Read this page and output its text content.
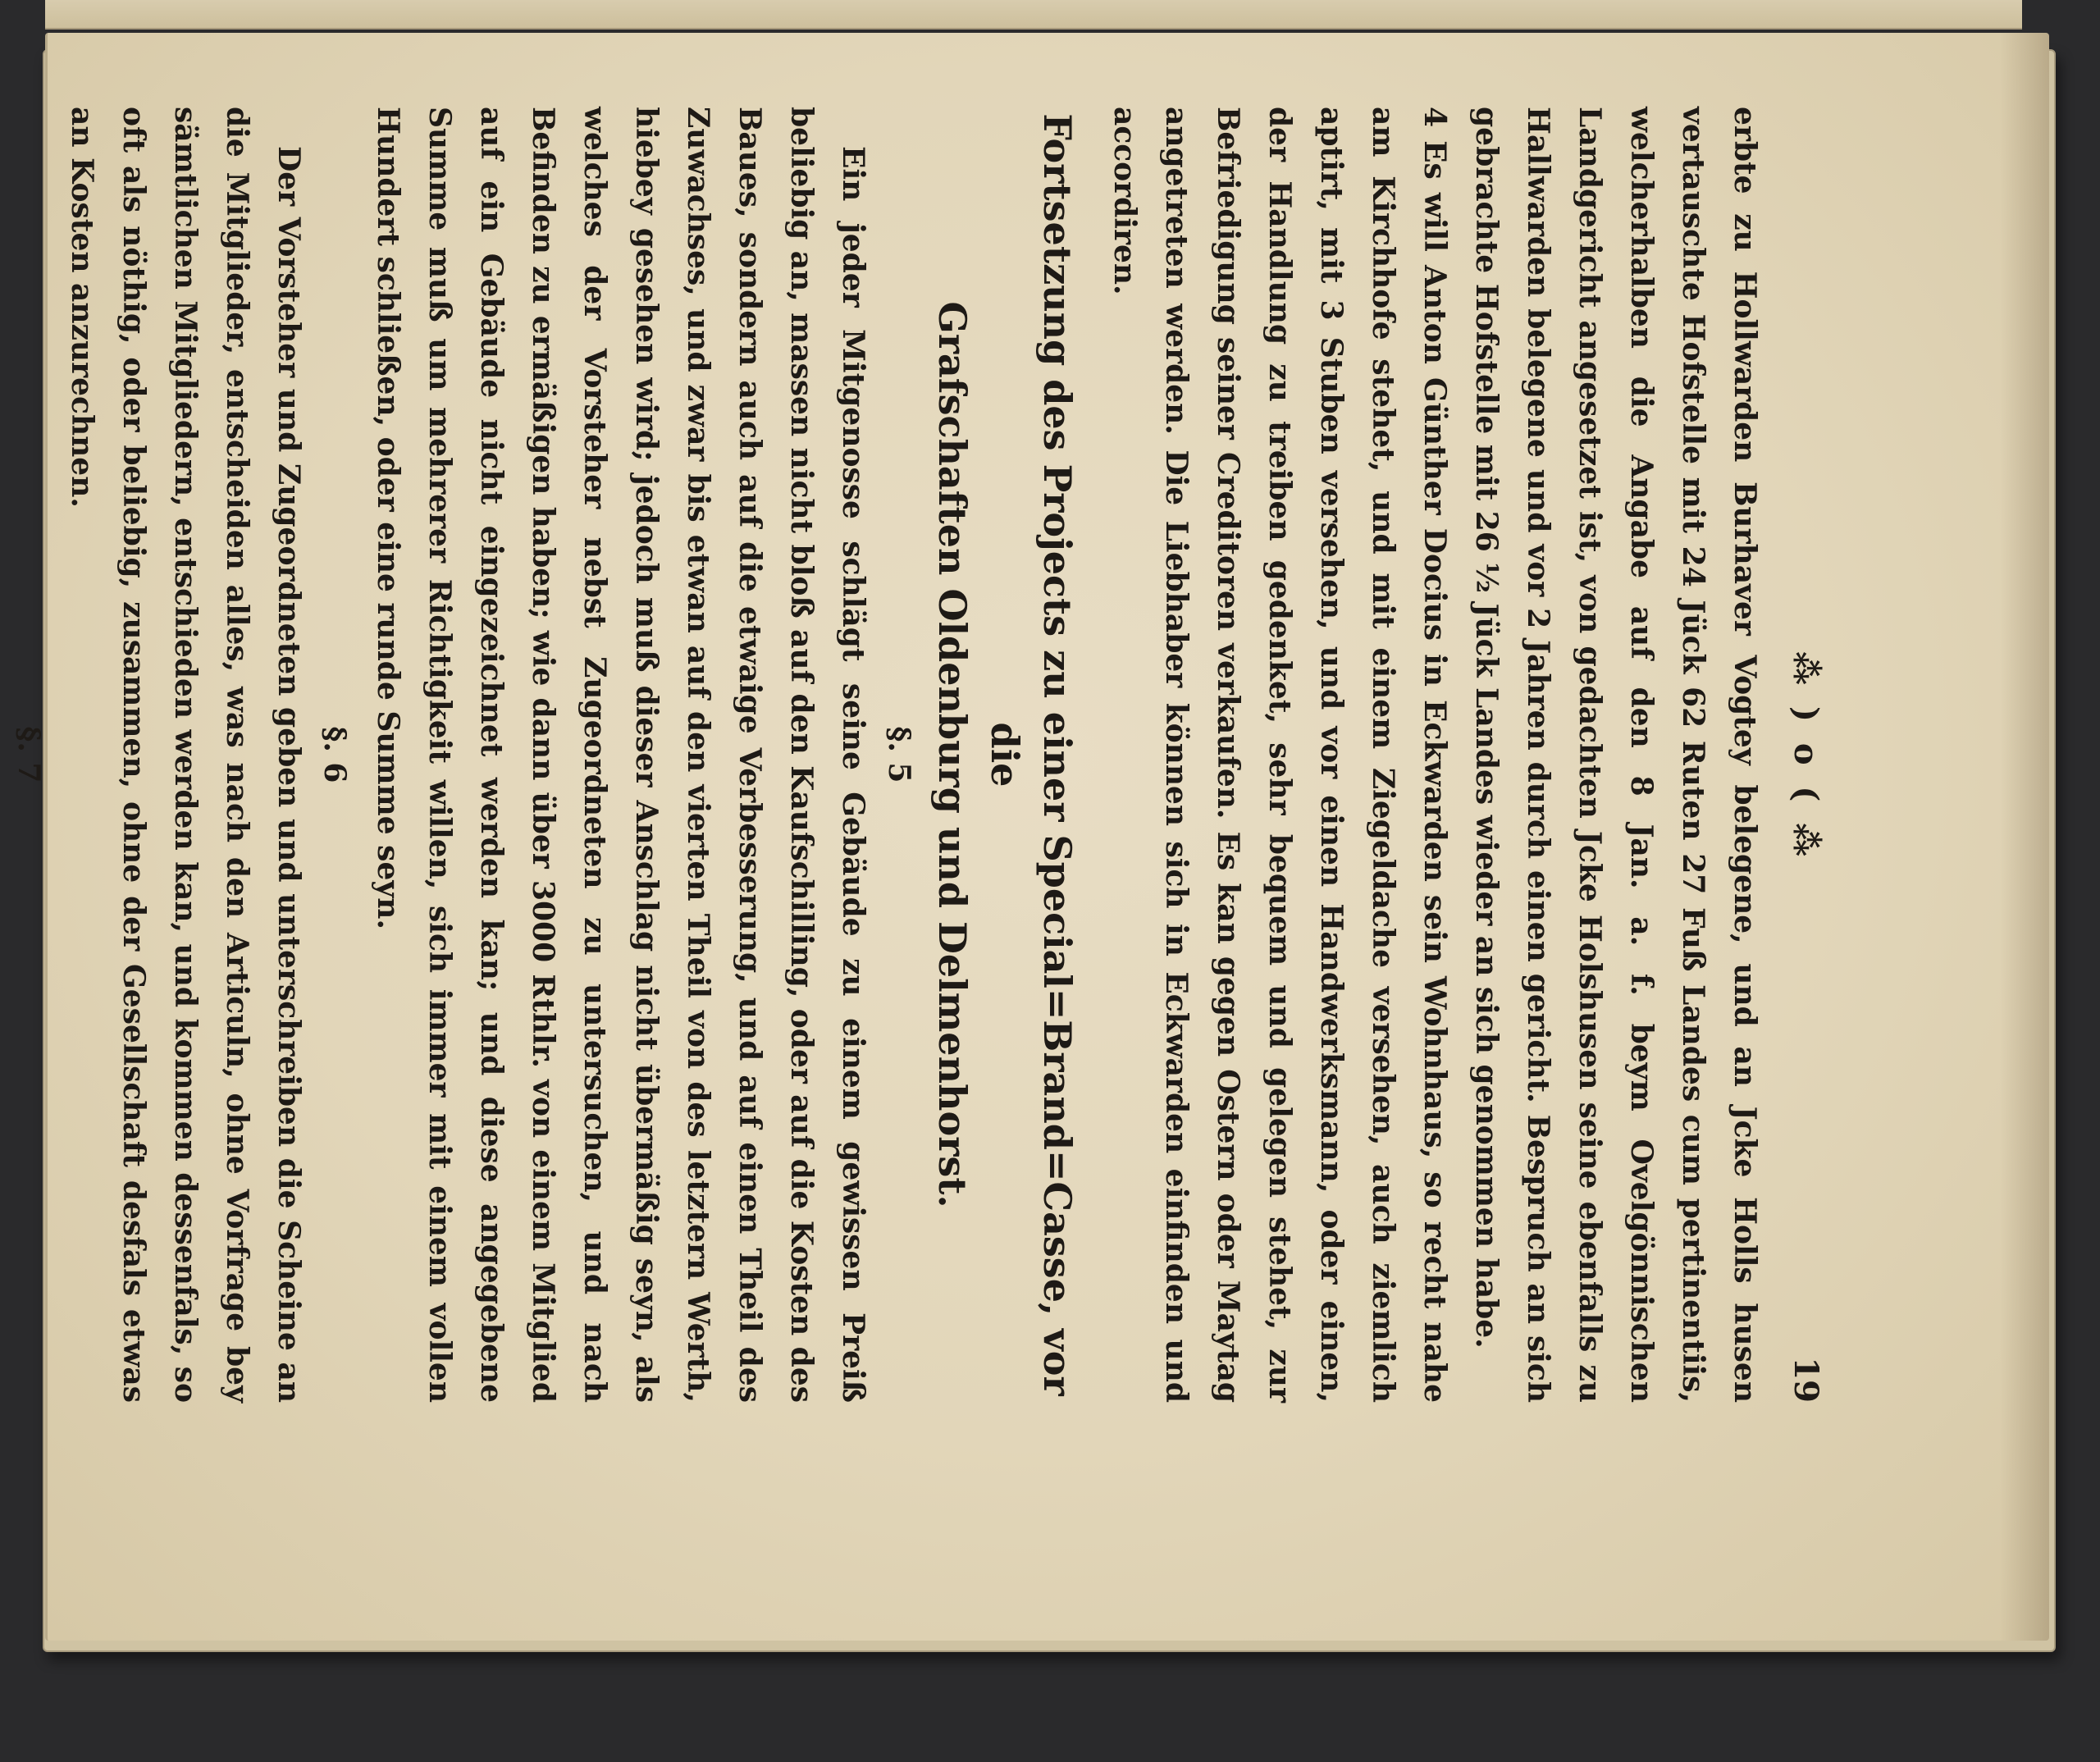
⁂ ) o ( ⁂
19

erbte zu Hollwarden Burhaver Vogtey belegene, und an Jcke Holls husen vertauschte Hofstelle mit 24 Jück 62 Ruten 27 Fuß Landes cum pertinentiis, welcherhalben die Angabe auf den 8 Jan. a. f. beym Ovelgönnischen Landgericht angesetzet ist, von gedachten Jcke Holshusen seine ebenfalls zu Hallwarden belegene und vor 2 Jahren durch einen gericht. Bespruch an sich gebrachte Hofstelle mit 26 ½ Jück Landes wieder an sich genommen habe.

4 Es will Anton Günther Docius in Eckwarden sein Wohnhaus, so recht nahe am Kirchhofe stehet, und mit einem Ziegeldache versehen, auch ziemlich aptirt, mit 3 Stuben versehen, und vor einen Handwerksmann, oder einen, der Handlung zu treiben gedenket, sehr bequem und gelegen stehet, zur Befriedigung seiner Creditoren verkaufen. Es kan gegen Ostern oder Maytag angetreten werden. Die Liebhaber können sich in Eckwarden einfinden und accordiren.

Fortsetzung des Projects zu einer Special=Brand=Casse, vor die
Grafschaften Oldenburg und Delmenhorst.
§. 5

Ein jeder Mitgenosse schlägt seine Gebäude zu einem gewissen Preiß beliebig an, massen nicht bloß auf den Kaufschilling, oder auf die Kosten des Baues, sondern auch auf die etwaige Verbesserung, und auf einen Theil des Zuwachses, und zwar bis etwan auf den vierten Theil von des letztern Werth, hiebey gesehen wird; jedoch muß dieser Anschlag nicht übermäßig seyn, als welches der Vorsteher nebst Zugeordneten zu untersuchen, und nach Befinden zu ermäßigen haben; wie dann über 3000 Rthlr. von einem Mitglied auf ein Gebäude nicht eingezeichnet werden kan; und diese angegebene Summe muß um mehrerer Richtigkeit willen, sich immer mit einem vollen Hundert schließen, oder eine runde Summe seyn.

§. 6

Der Vorsteher und Zugeordneten geben und unterschreiben die Scheine an die Mitglieder, entscheiden alles, was nach den Articuln, ohne Vorfrage bey sämtlichen Mitgliedern, entschieden werden kan, und kommen dessenfals, so oft als nöthig, oder beliebig, zusammen, ohne der Gesellschaft desfals etwas an Kosten anzurechnen.

§. 7
